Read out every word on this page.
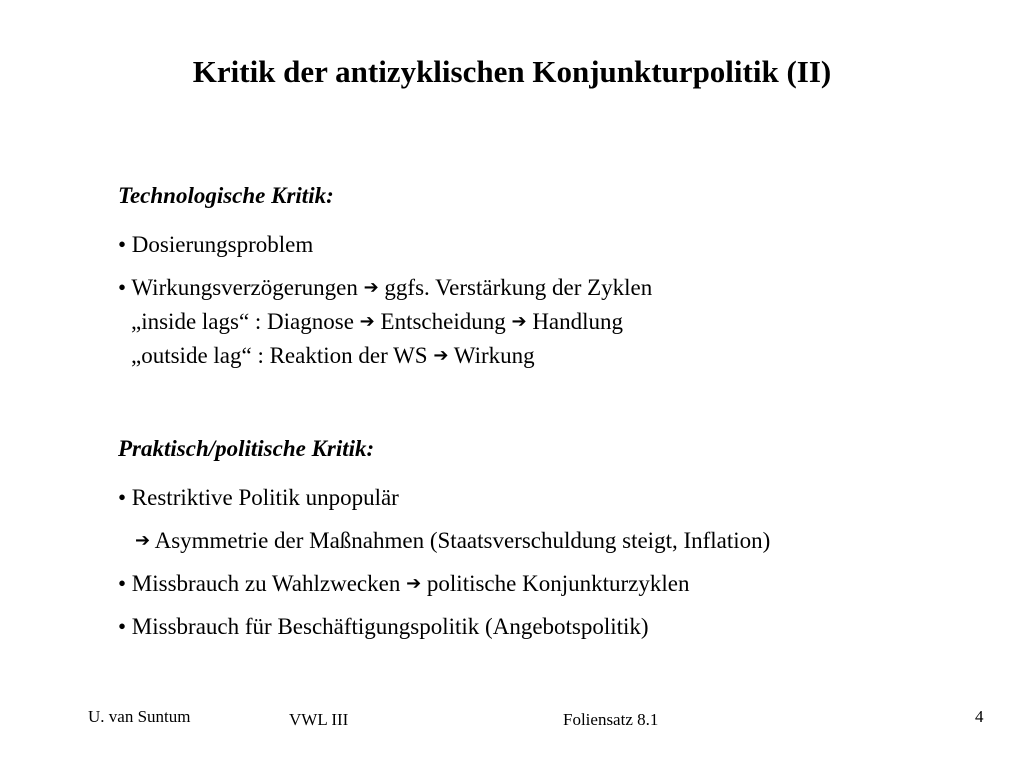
Kritik der antizyklischen Konjunkturpolitik (II)
Technologische Kritik:
• Dosierungsproblem
• Wirkungsverzögerungen ➔ ggfs. Verstärkung der Zyklen
„inside lags“ : Diagnose ➔ Entscheidung ➔ Handlung
„outside lag“ : Reaktion der WS ➔ Wirkung
Praktisch/politische Kritik:
• Restriktive Politik unpopulär
➔ Asymmetrie der Maßnahmen (Staatsverschuldung steigt, Inflation)
• Missbrauch zu Wahlzwecken ➔ politische Konjunkturzyklen
• Missbrauch für Beschäftigungspolitik (Angebotspolitik)
U. van Suntum	VWL III	Foliensatz 8.1	4
